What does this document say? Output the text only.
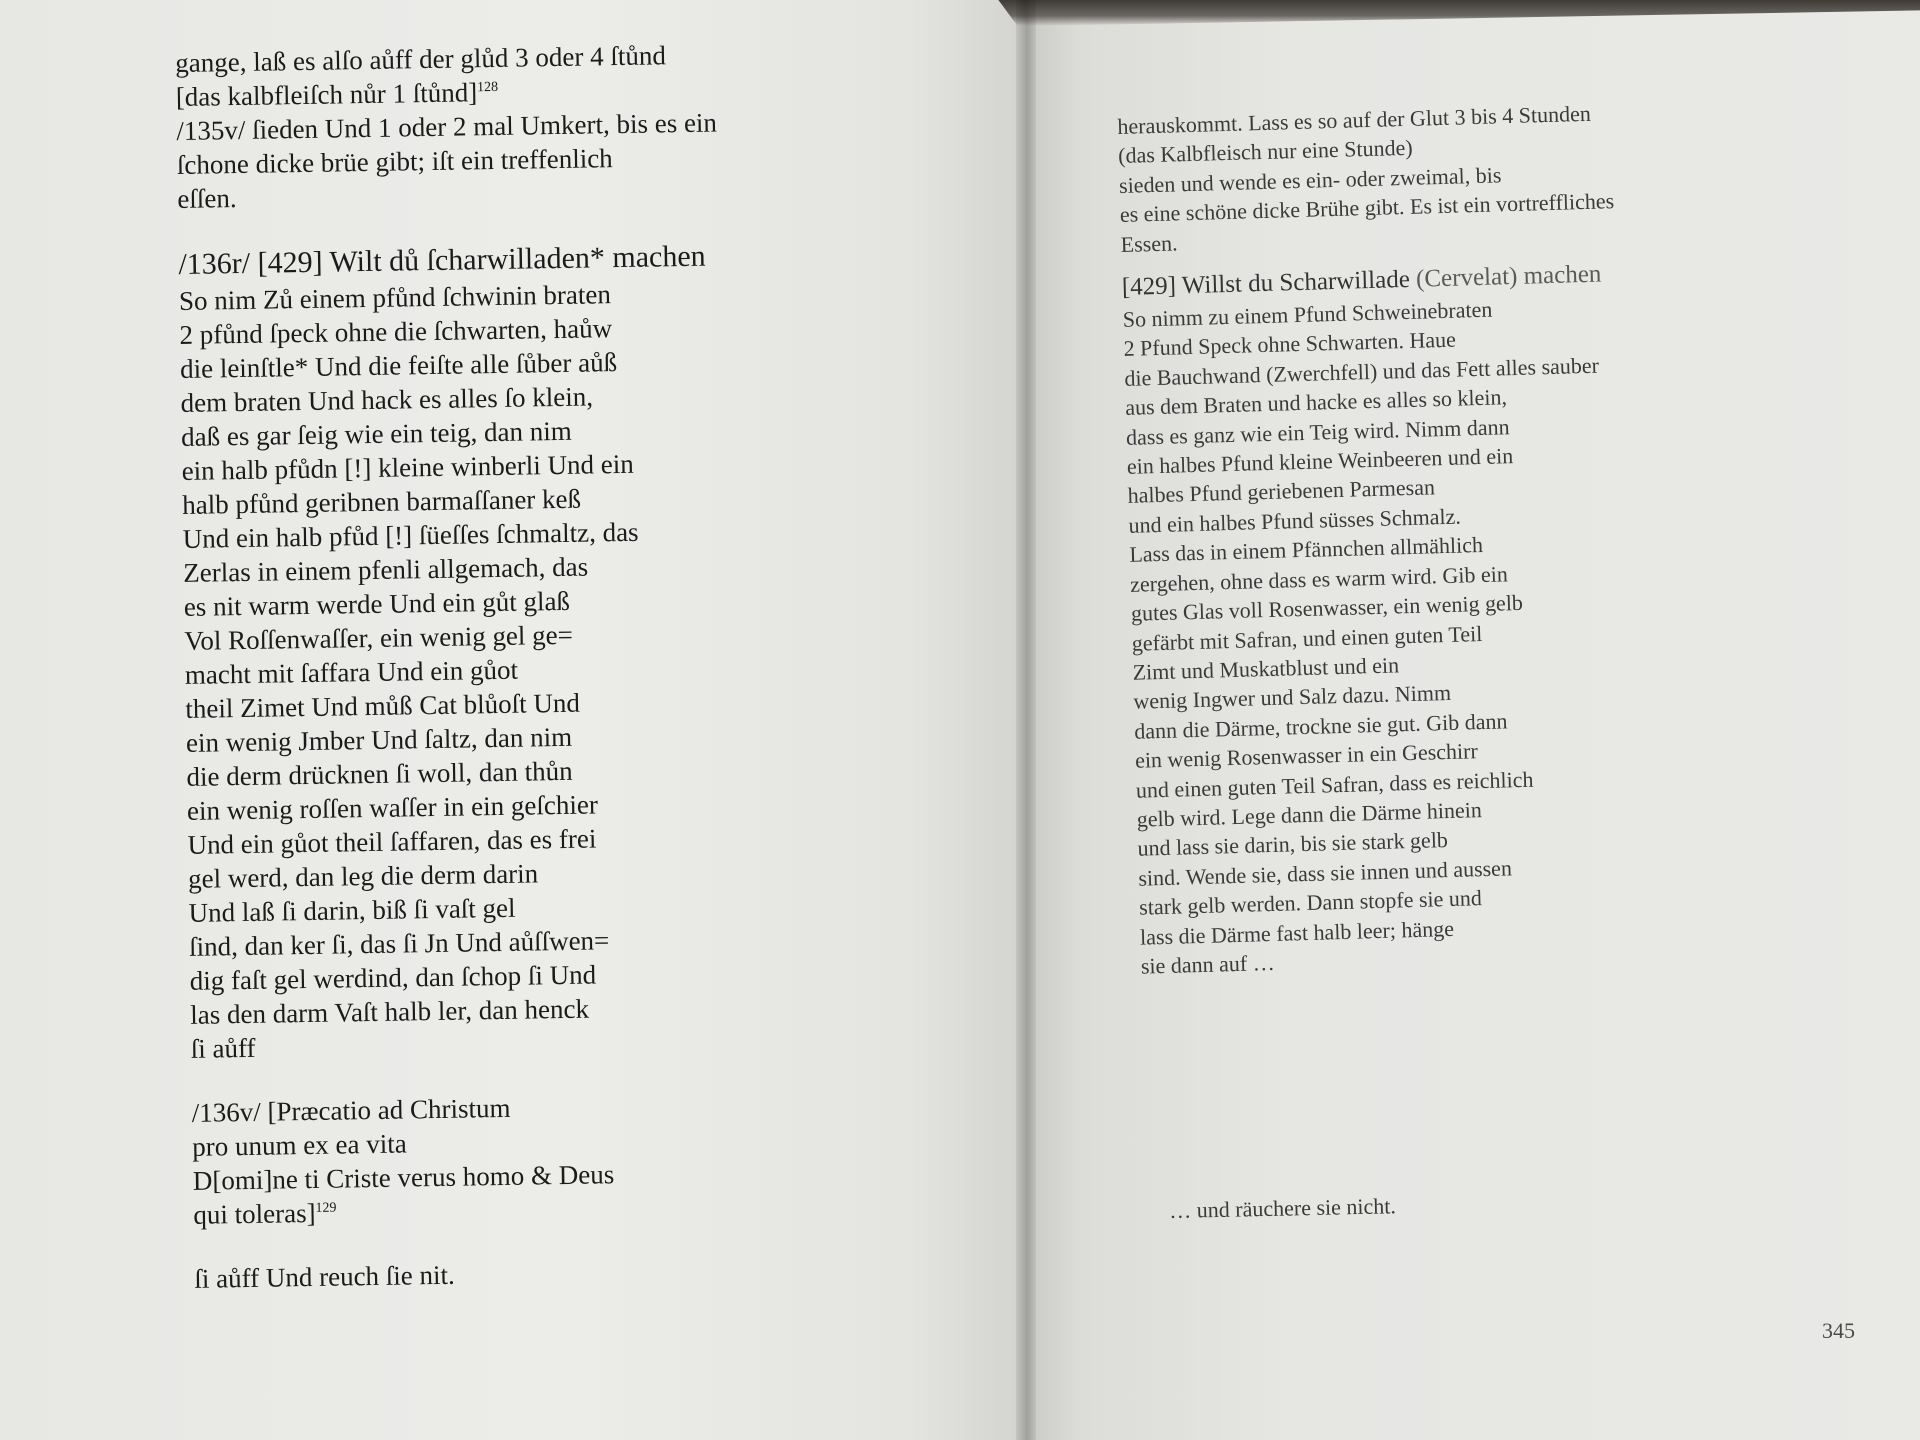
gange, laß es alſo aůff der glůd 3 oder 4 ſtůnd
[das kalbfleiſch nůr 1 ſtůnd]$^{128}$
/135v/ ſieden Und 1 oder 2 mal Umkert, bis es ein
ſchone dicke brüe gibt; iſt ein treffenlich
eſſen.
/136r/ [429] Wilt dů ſcharwilladen* machen
So nim Zů einem pfůnd ſchwinin braten
2 pfůnd ſpeck ohne die ſchwarten, haůw
die leinſtle* Und die feiſte alle ſůber aůß
dem braten Und hack es alles ſo klein,
daß es gar ſeig wie ein teig, dan nim
ein halb pfůdn [!] kleine winberli Und ein
halb pfůnd geribnen barmaſſaner keß
Und ein halb pfůd [!] ſüeſſes ſchmaltz, das
Zerlas in einem pfenli allgemach, das
es nit warm werde Und ein gůt glaß
Vol Roſſenwaſſer, ein wenig gel ge=
macht mit ſaffara Und ein gůot
theil Zimet Und můß Cat blůoſt Und
ein wenig Jmber Und ſaltz, dan nim
die derm drücknen ſi woll, dan thůn
ein wenig roſſen waſſer in ein geſchier
Und ein gůot theil ſaffaren, das es frei
gel werd, dan leg die derm darin
Und laß ſi darin, biß ſi vaſt gel
ſind, dan ker ſi, das ſi Jn Und aůſſwen=
dig faſt gel werdind, dan ſchop ſi Und
las den darm Vaſt halb ler, dan henck
ſi aůff
/136v/ [Præcatio ad Christum
pro unum ex ea vita
D[omi]ne ti Criste verus homo & Deus
qui toleras]$^{129}$
ſi aůff Und reuch ſie nit.
herauskommt. Lass es so auf der Glut 3 bis 4 Stunden
(das Kalbfleisch nur eine Stunde)
sieden und wende es ein- oder zweimal, bis
es eine schöne dicke Brühe gibt. Es ist ein vortreffliches
Essen.
[429] Willst du Scharwillade (Cervelat) machen
So nimm zu einem Pfund Schweinebraten
2 Pfund Speck ohne Schwarten. Haue
die Bauchwand (Zwerchfell) und das Fett alles sauber
aus dem Braten und hacke es alles so klein,
dass es ganz wie ein Teig wird. Nimm dann
ein halbes Pfund kleine Weinbeeren und ein
halbes Pfund geriebenen Parmesan
und ein halbes Pfund süsses Schmalz.
Lass das in einem Pfännchen allmählich
zergehen, ohne dass es warm wird. Gib ein
gutes Glas voll Rosenwasser, ein wenig gelb
gefärbt mit Safran, und einen guten Teil
Zimt und Muskatblust und ein
wenig Ingwer und Salz dazu. Nimm
dann die Därme, trockne sie gut. Gib dann
ein wenig Rosenwasser in ein Geschirr
und einen guten Teil Safran, dass es reichlich
gelb wird. Lege dann die Därme hinein
und lass sie darin, bis sie stark gelb
sind. Wende sie, dass sie innen und aussen
stark gelb werden. Dann stopfe sie und
lass die Därme fast halb leer; hänge
sie dann auf …

… und räuchere sie nicht.

345
